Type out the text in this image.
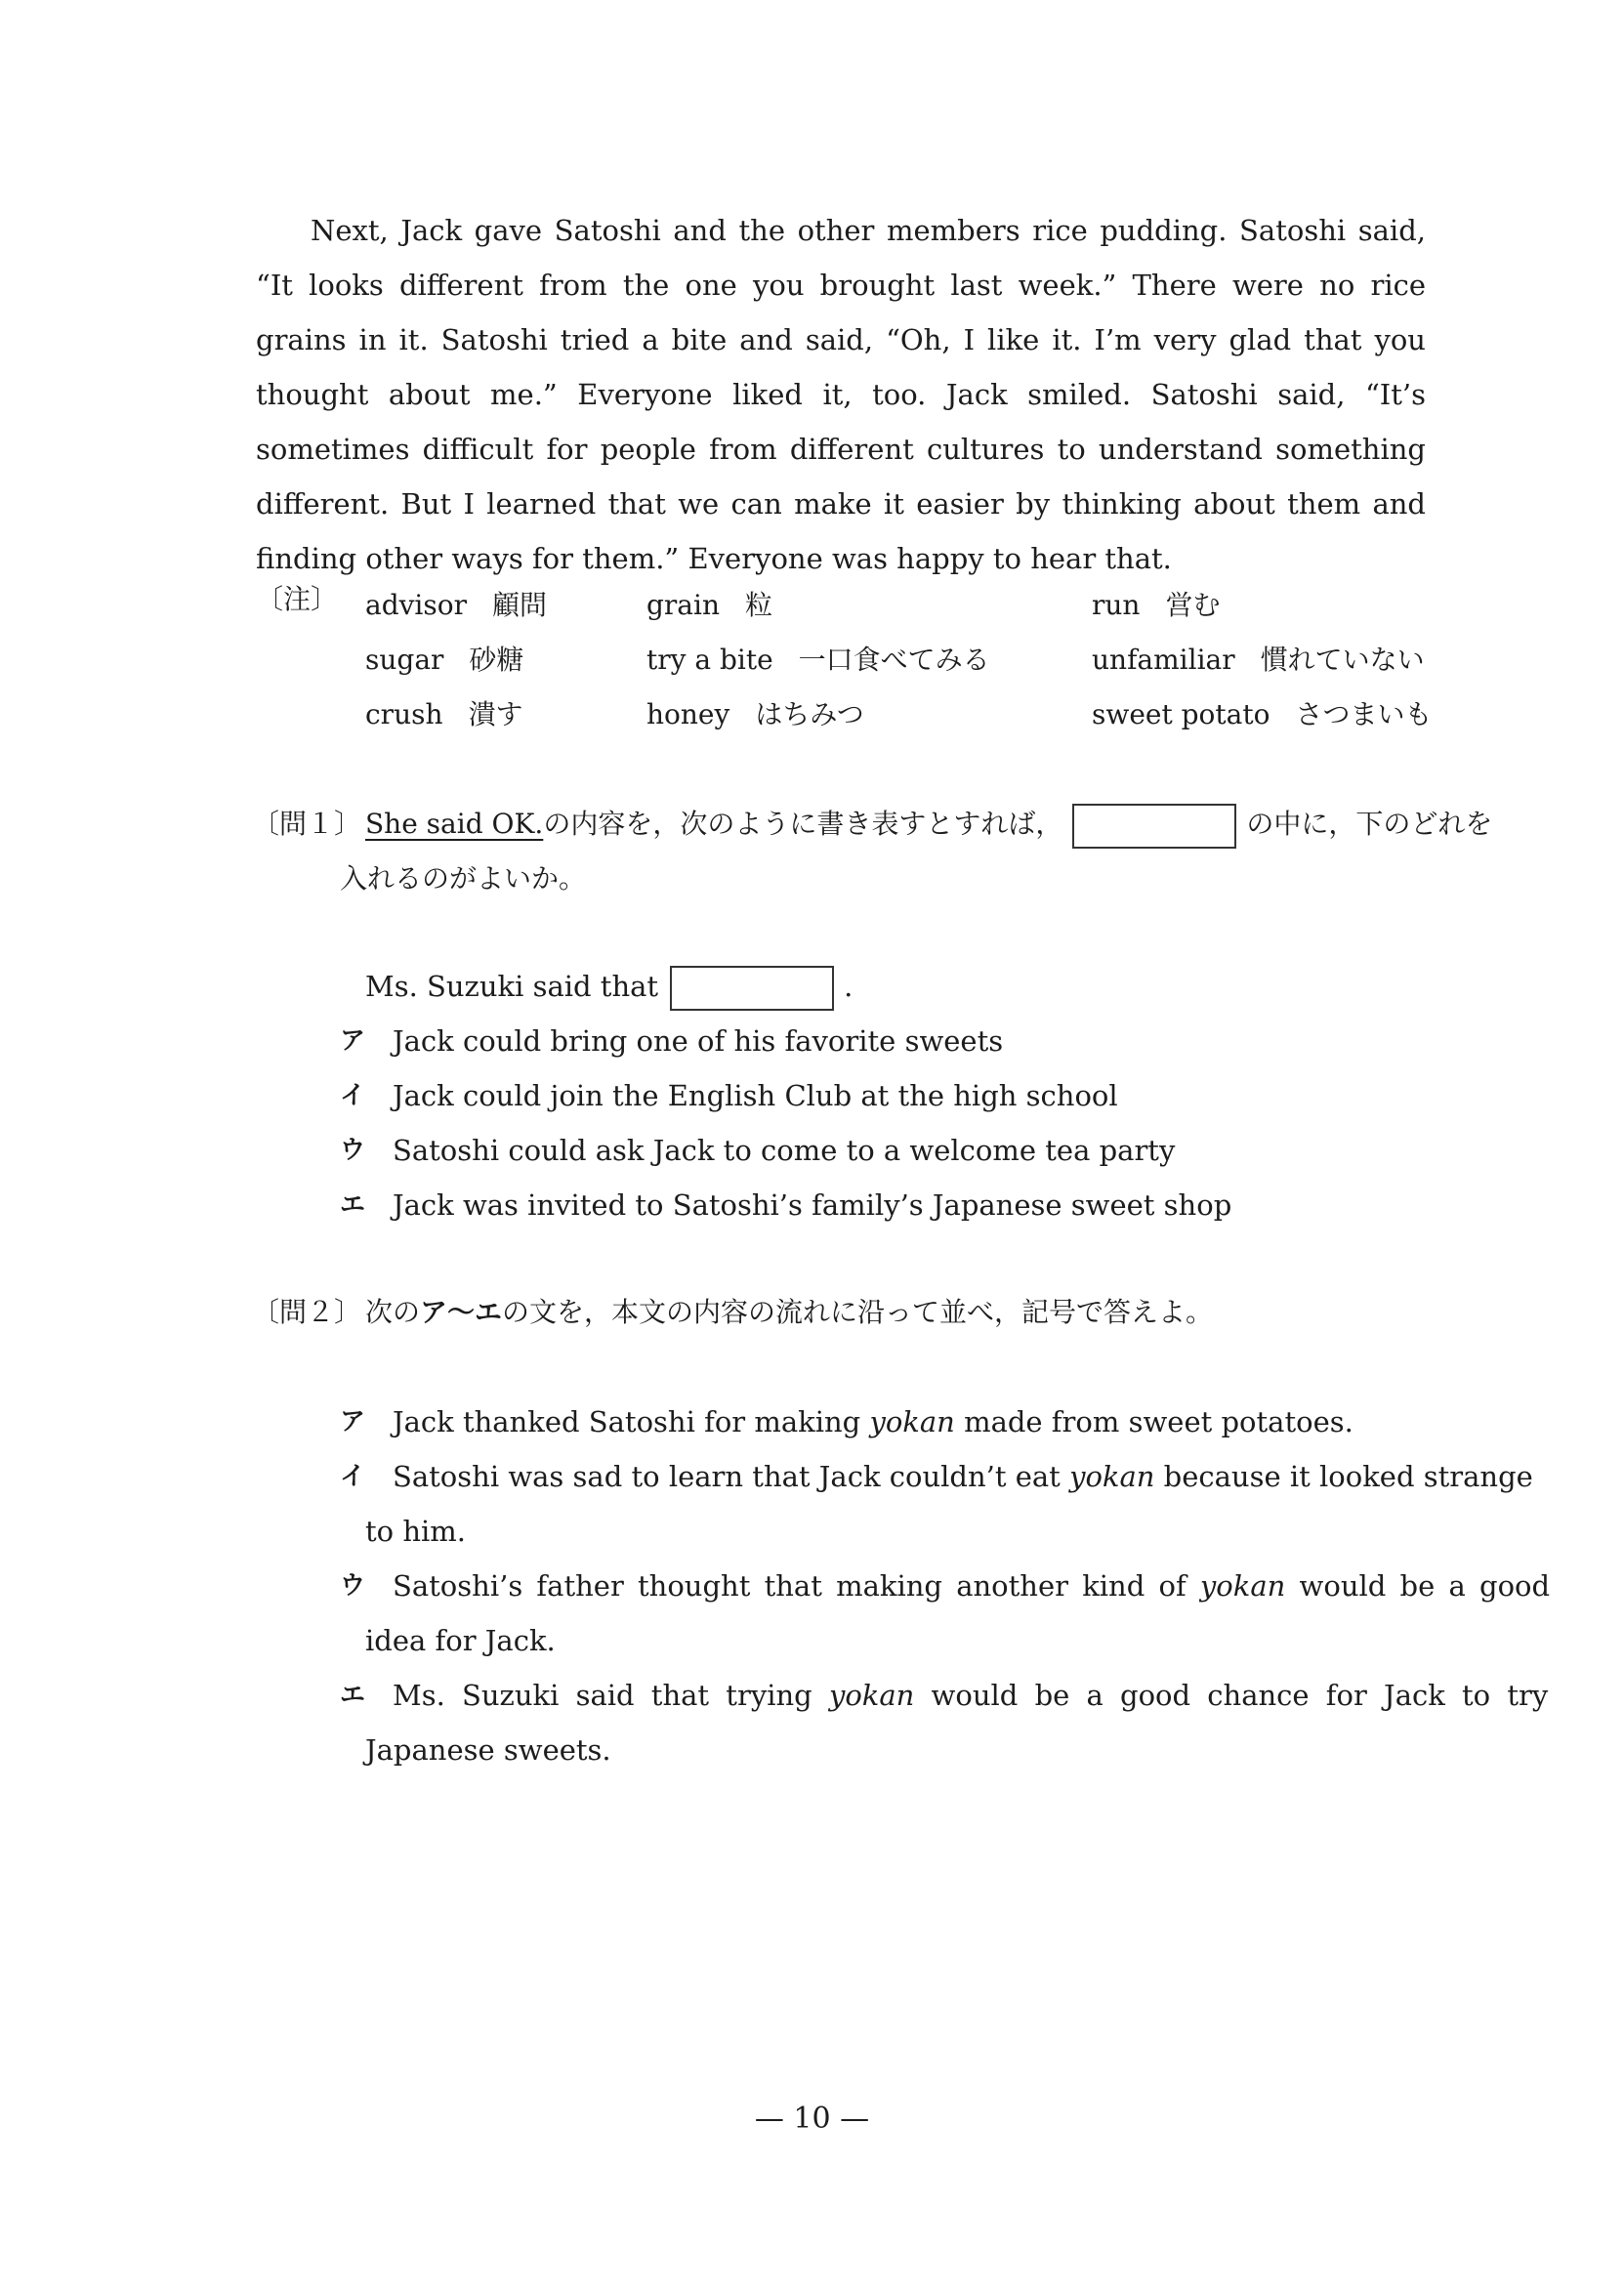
Next, Jack gave Satoshi and the other members rice pudding. Satoshi said, “It looks different from the one you brought last week.” There were no rice grains in it. Satoshi tried a bite and said, “Oh, I like it. I’m very glad that you thought about me.” Everyone liked it, too. Jack smiled. Satoshi said, “It’s sometimes difficult for people from different cultures to understand something different. But I learned that we can make it easier by thinking about them and finding other ways for them.” Everyone was happy to hear that.

〔注〕 advisor 顧問
sugar 砂糖
crush 潰す
grain 粒
try a bite 一口食べてみる
honey はちみつ
run 営む
unfamiliar 慣れていない
sweet potato さつまいも
〔問１〕 She said OK.の内容を，次のように書き表すとすれば，	の中に，下のどれを
入れるのがよいか。
Ms. Suzuki said that	.
ア Jack could bring one of his favorite sweets
イ Jack could join the English Club at the high school
ウ Satoshi could ask Jack to come to a welcome tea party
エ Jack was invited to Satoshi’s family’s Japanese sweet shop
〔問２〕 次のア〜エの文を，本文の内容の流れに沿って並べ，記号で答えよ。
ア Jack thanked Satoshi for making yokan made from sweet potatoes.
イ Satoshi was sad to learn that Jack couldn’t eat yokan because it looked strange
to him.
ウ Satoshi’s father thought that making another kind of yokan would be a good
idea for Jack.
エ Ms. Suzuki said that trying yokan would be a good chance for Jack to try
Japanese sweets.
— 10 —
